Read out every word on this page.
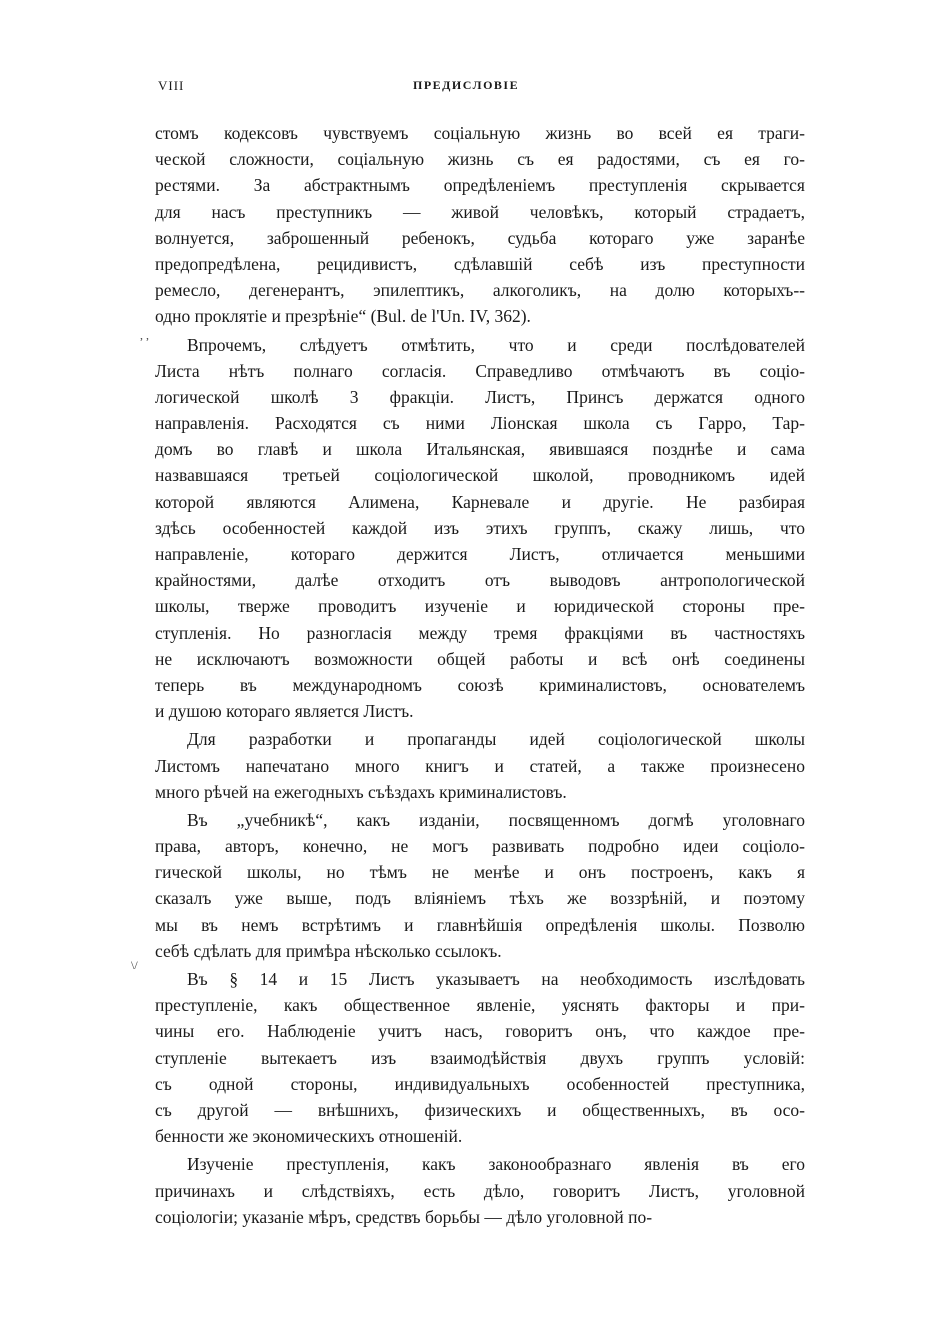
VIII	ПРЕДИСЛОВІЕ
, ,
\/
стомъ кодексовъ чувствуемъ соціальную жизнь во всей ея траги-
ческой сложности, соціальную жизнь съ ея радостями, съ ея го-
рестями. За абстрактнымъ опредѣленіемъ преступленія скрывается
для насъ преступникъ — живой человѣкъ, который страдаетъ,
волнуется, заброшенный ребенокъ, судьба котораго уже заранѣе
предопредѣлена, рецидивистъ, сдѣлавшій себѣ изъ преступности
ремесло, дегенерантъ, эпилептикъ, алкоголикъ, на долю которыхъ--
одно проклятіе и презрѣніе“ (Bul. de l'Un. IV, 362).
Впрочемъ, слѣдуетъ отмѣтить, что и среди послѣдователей
Листа нѣтъ полнаго согласія. Справедливо отмѣчаютъ въ соціо-
логической школѣ 3 фракціи. Листъ, Принсъ держатся одного
направленія. Расходятся съ ними Ліонская школа съ Гарро, Тар-
домъ во главѣ и школа Итальянская, явившаяся позднѣе и сама
назвавшаяся третьей соціологической школой, проводникомъ идей
которой являются Алимена, Карневале и другіе. Не разбирая
здѣсь особенностей каждой изъ этихъ группъ, скажу лишь, что
направленіе, котораго держится Листъ, отличается меньшими
крайностями, далѣе отходитъ отъ выводовъ антропологической
школы, тверже проводитъ изученіе и юридической стороны пре-
ступленія. Но разногласія между тремя фракціями въ частностяхъ
не исключаютъ возможности общей работы и всѣ онѣ соединены
теперь въ международномъ союзѣ криминалистовъ, основателемъ
и душою котораго является Листъ.
Для разработки и пропаганды идей соціологической школы
Листомъ напечатано много книгъ и статей, а также произнесено
много рѣчей на ежегодныхъ съѣздахъ криминалистовъ.
Въ „учебникѣ“, какъ изданіи, посвященномъ догмѣ уголовнаго
права, авторъ, конечно, не могъ развивать подробно идеи соціоло-
гической школы, но тѣмъ не менѣе и онъ построенъ, какъ я
сказалъ уже выше, подъ вліяніемъ тѣхъ же воззрѣній, и поэтому
мы въ немъ встрѣтимъ и главнѣйшія опредѣленія школы. Позволю
себѣ сдѣлать для примѣра нѣсколько ссылокъ.
Въ § 14 и 15 Листъ указываетъ на необходимость изслѣдовать
преступленіе, какъ общественное явленіе, уяснять факторы и при-
чины его. Наблюденіе учитъ насъ, говоритъ онъ, что каждое пре-
ступленіе вытекаетъ изъ взаимодѣйствія двухъ группъ условій:
съ одной стороны, индивидуальныхъ особенностей преступника,
съ другой — внѣшнихъ, физическихъ и общественныхъ, въ осо-
бенности же экономическихъ отношеній.
Изученіе преступленія, какъ законообразнаго явленія въ его
причинахъ и слѣдствіяхъ, есть дѣло, говоритъ Листъ, уголовной
соціологіи; указаніе мѣръ, средствъ борьбы — дѣло уголовной по-
